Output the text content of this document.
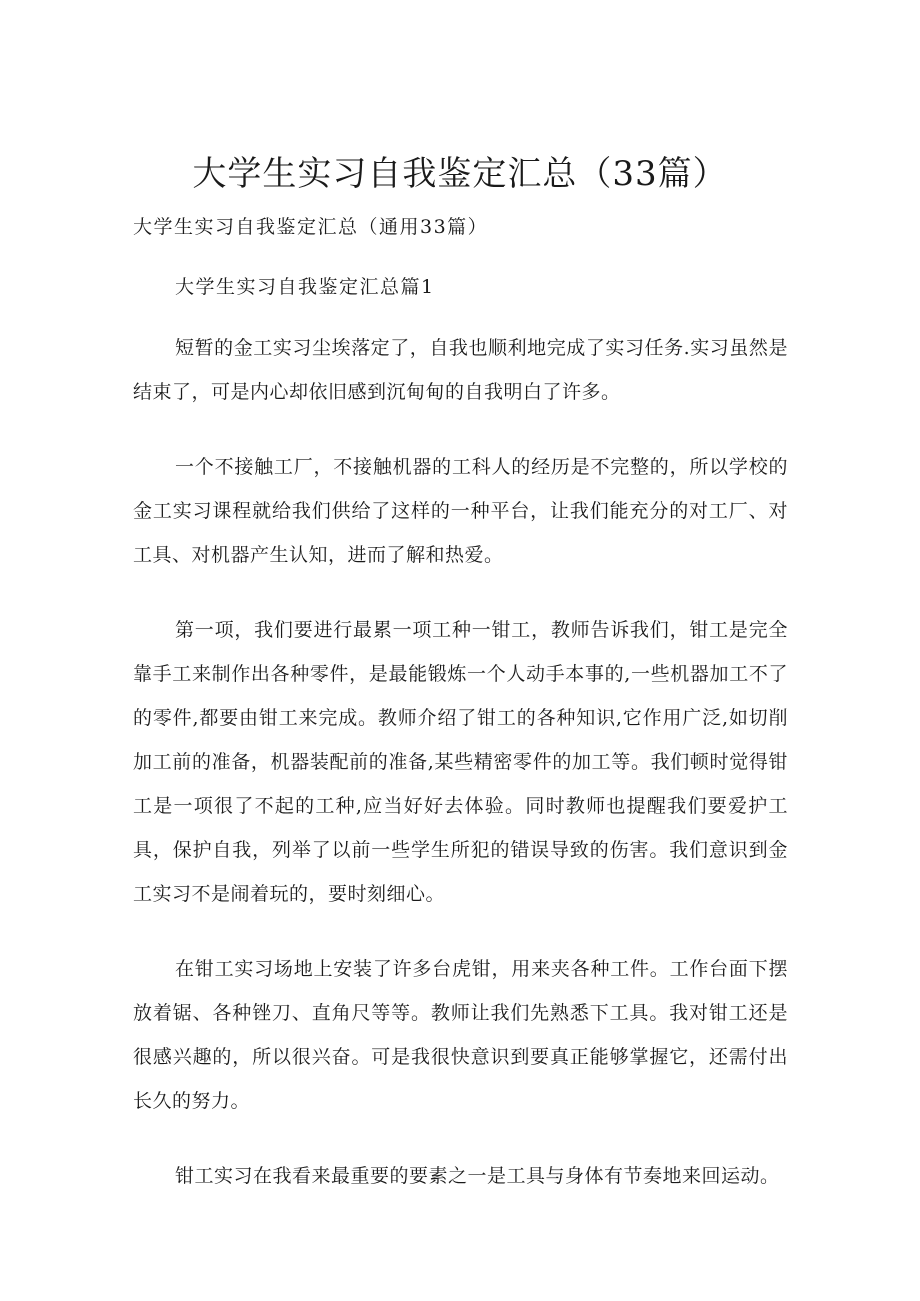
大学生实习自我鉴定汇总（33篇）

大学生实习自我鉴定汇总（通用33篇）

大学生实习自我鉴定汇总篇1

短暂的金工实习尘埃落定了，自我也顺利地完成了实习任务.实习虽然是结束了，可是内心却依旧感到沉甸甸的自我明白了许多。

一个不接触工厂，不接触机器的工科人的经历是不完整的，所以学校的金工实习课程就给我们供给了这样的一种平台，让我们能充分的对工厂、对工具、对机器产生认知，进而了解和热爱。

第一项，我们要进行最累一项工种一钳工，教师告诉我们，钳工是完全靠手工来制作出各种零件，是最能锻炼一个人动手本事的,一些机器加工不了的零件,都要由钳工来完成。教师介绍了钳工的各种知识,它作用广泛,如切削加工前的准备，机器装配前的准备,某些精密零件的加工等。我们顿时觉得钳工是一项很了不起的工种,应当好好去体验。同时教师也提醒我们要爱护工具，保护自我，列举了以前一些学生所犯的错误导致的伤害。我们意识到金工实习不是闹着玩的，要时刻细心。

在钳工实习场地上安装了许多台虎钳，用来夹各种工件。工作台面下摆放着锯、各种锉刀、直角尺等等。教师让我们先熟悉下工具。我对钳工还是很感兴趣的，所以很兴奋。可是我很快意识到要真正能够掌握它，还需付出长久的努力。

钳工实习在我看来最重要的要素之一是工具与身体有节奏地来回运动。
